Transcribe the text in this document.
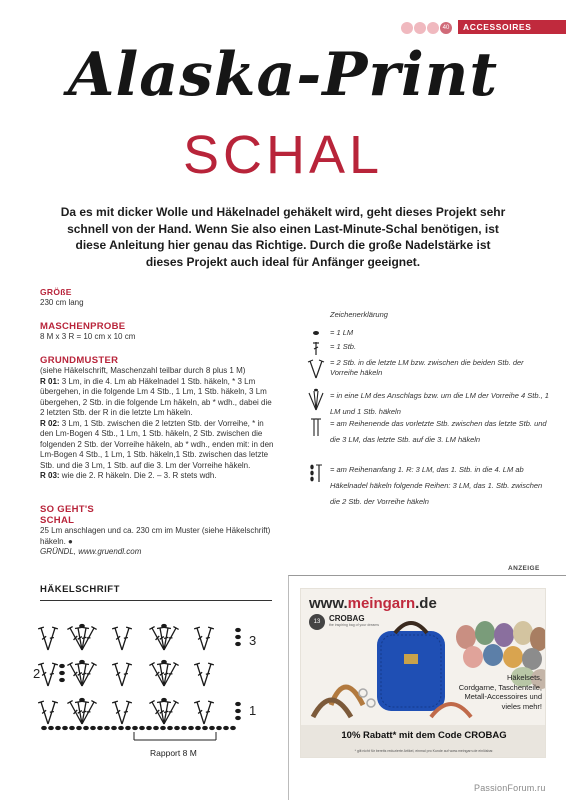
40	ACCESSOIRES
Alaska-Print
SCHAL
Da es mit dicker Wolle und Häkelnadel gehäkelt wird, geht dieses Projekt sehr schnell von der Hand. Wenn Sie also einen Last-Minute-Schal benötigen, ist diese Anleitung hier genau das Richtige. Durch die große Nadelstärke ist dieses Projekt auch ideal für Anfänger geeignet.
GRÖßE
230 cm lang
MASCHENPROBE
8 M x 3 R = 10 cm x 10 cm
GRUNDMUSTER
(siehe Häkelschrift, Maschenzahl teilbar durch 8 plus 1 M)
R 01: 3 Lm, in die 4. Lm ab Häkelnadel 1 Stb. häkeln, * 3 Lm übergehen, in die folgende Lm 4 Stb., 1 Lm, 1 Stb. häkeln, 3 Lm übergehen, 2 Stb. in die folgende Lm häkeln, ab * wdh., dabei die 2 letzten Stb. der R in die letzte Lm häkeln.
R 02: 3 Lm, 1 Stb. zwischen die 2 letzten Stb. der Vorreihe, * in den Lm-Bogen 4 Stb., 1 Lm, 1 Stb. häkeln, 2 Stb. zwischen die folgenden 2 Stb. der Vorreihe häkeln, ab * wdh., enden mit: in den Lm-Bogen 4 Stb., 1 Lm, 1 Stb. häkeln,1 Stb. zwischen das letzte Stb. und die 3 Lm, 1 Stb. auf die 3. Lm der Vorreihe häkeln.
R 03: wie die 2. R häkeln. Die 2. – 3. R stets wdh.
SO GEHT'S
SCHAL
25 Lm anschlagen und ca. 230 cm im Muster (siehe Häkelschrift) häkeln. ●
GRÜNDL, www.gruendl.com
Zeichenerklärung
= 1 LM
= 1 Stb.
= 2 Stb. in die letzte LM bzw. zwischen die beiden Stb. der Vorreihe häkeln
= in eine LM des Anschlags bzw. um die LM der Vorreihe 4 Stb., 1 LM und 1 Stb. häkeln
= am Reihenende das vorletzte Stb. zwischen das letzte Stb. und die 3 LM, das letzte Stb. auf die 3. LM häkeln
= am Reihenanfang 1. R: 3 LM, das 1. Stb. in die 4. LM ab Häkelnadel häkeln folgende Reihen: 3 LM, das 1. Stb. zwischen die 2 Stb. der Vorreihe häkeln
HÄKELSCHRIFT
3
2
1
Rapport 8 M
ANZEIGE
www.meingarn.de
13	CROBAG
the inspiring bag of your dreams
Häkelsets,
Cordgarne, Taschenteile,
Metall-Accessoires und vieles mehr!
10% Rabatt* mit dem Code CROBAG
* gilt nicht für bereits reduzierte Artikel, einmal pro Kunde auf www.meingarn.de einlösbar.
PassionForum.ru
